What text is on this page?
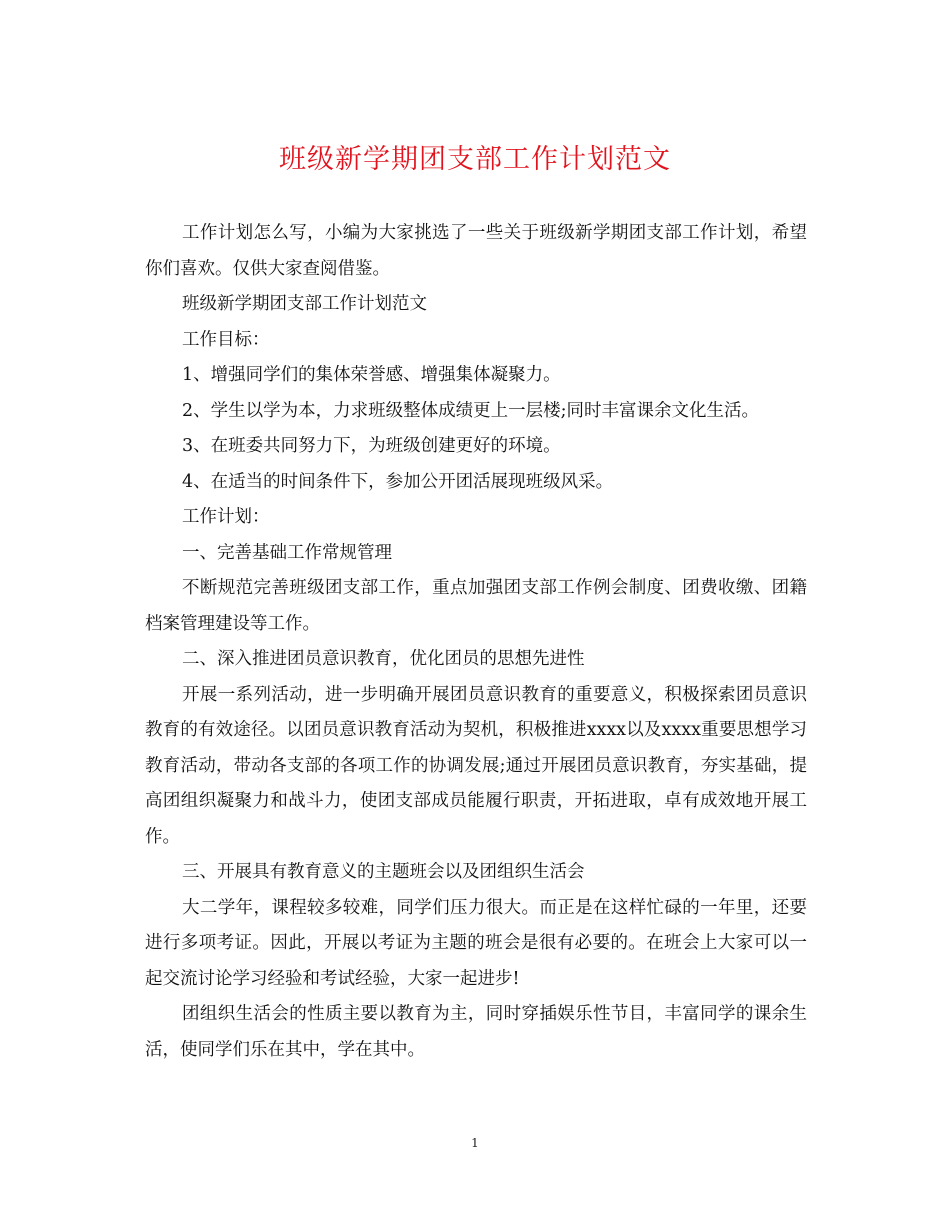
班级新学期团支部工作计划范文

工作计划怎么写，小编为大家挑选了一些关于班级新学期团支部工作计划，希望你们喜欢。仅供大家查阅借鉴。

班级新学期团支部工作计划范文

工作目标：

1、增强同学们的集体荣誉感、增强集体凝聚力。

2、学生以学为本，力求班级整体成绩更上一层楼;同时丰富课余文化生活。

3、在班委共同努力下，为班级创建更好的环境。

4、在适当的时间条件下，参加公开团活展现班级风采。

工作计划：

一、完善基础工作常规管理

不断规范完善班级团支部工作，重点加强团支部工作例会制度、团费收缴、团籍档案管理建设等工作。

二、深入推进团员意识教育，优化团员的思想先进性

开展一系列活动，进一步明确开展团员意识教育的重要意义，积极探索团员意识教育的有效途径。以团员意识教育活动为契机，积极推进xxxx以及xxxx重要思想学习教育活动，带动各支部的各项工作的协调发展;通过开展团员意识教育，夯实基础，提高团组织凝聚力和战斗力，使团支部成员能履行职责，开拓进取，卓有成效地开展工作。

三、开展具有教育意义的主题班会以及团组织生活会

大二学年，课程较多较难，同学们压力很大。而正是在这样忙碌的一年里，还要进行多项考证。因此，开展以考证为主题的班会是很有必要的。在班会上大家可以一起交流讨论学习经验和考试经验，大家一起进步!

团组织生活会的性质主要以教育为主，同时穿插娱乐性节目，丰富同学的课余生活，使同学们乐在其中，学在其中。

1
